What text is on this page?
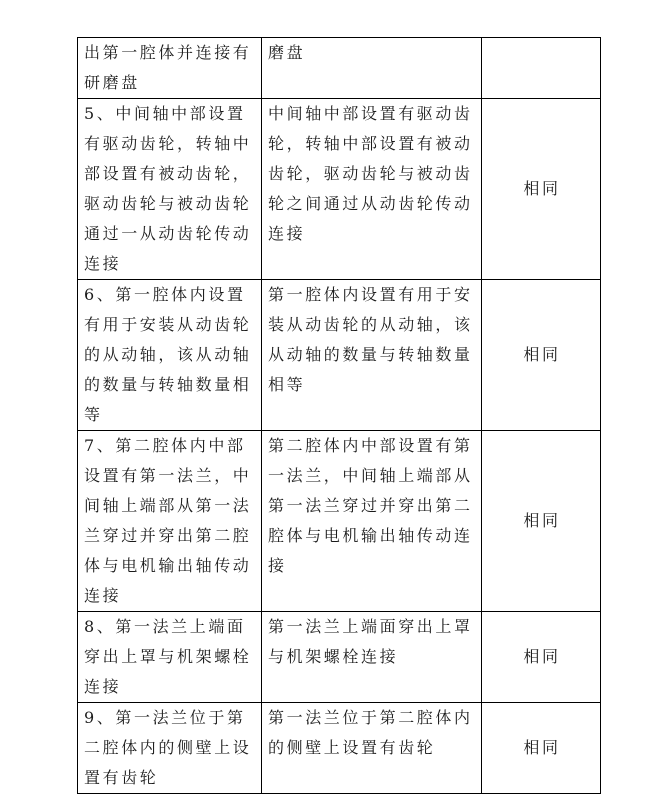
出第一腔体并连接有研磨盘	磨盘	
5、中间轴中部设置有驱动齿轮，转轴中部设置有被动齿轮，驱动齿轮与被动齿轮通过一从动齿轮传动连接	中间轴中部设置有驱动齿轮，转轴中部设置有被动齿轮，驱动齿轮与被动齿轮之间通过从动齿轮传动连接	相同
6、第一腔体内设置有用于安装从动齿轮的从动轴，该从动轴的数量与转轴数量相等	第一腔体内设置有用于安装从动齿轮的从动轴，该从动轴的数量与转轴数量相等	相同
7、第二腔体内中部设置有第一法兰，中间轴上端部从第一法兰穿过并穿出第二腔体与电机输出轴传动连接	第二腔体内中部设置有第一法兰，中间轴上端部从第一法兰穿过并穿出第二腔体与电机输出轴传动连接	相同
8、第一法兰上端面穿出上罩与机架螺栓连接	第一法兰上端面穿出上罩与机架螺栓连接	相同
9、第一法兰位于第二腔体内的侧壁上设置有齿轮	第一法兰位于第二腔体内的侧壁上设置有齿轮	相同
